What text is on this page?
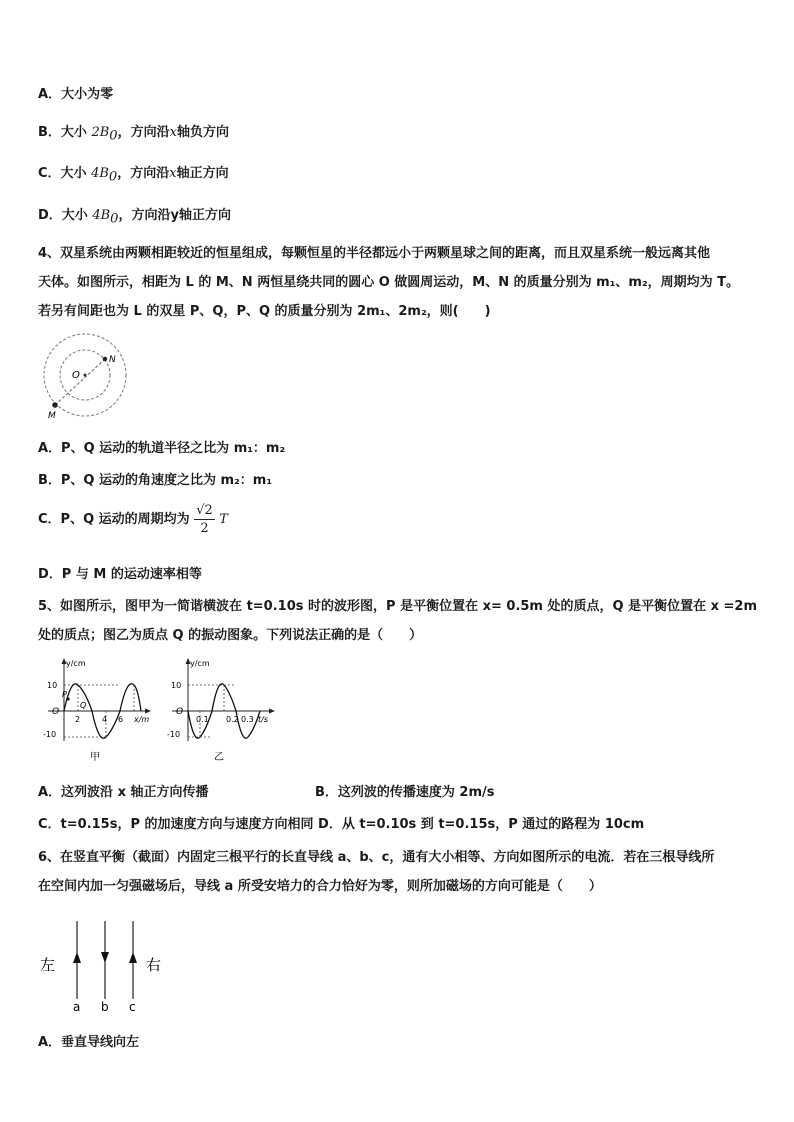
A．大小为零
B．大小 $2B_0$，方向沿x轴负方向
C．大小 $4B_0$，方向沿x轴正方向
D．大小 $4B_0$，方向沿y轴正方向
4、双星系统由两颗相距较近的恒星组成，每颗恒星的半径都远小于两颗星球之间的距离，而且双星系统一般远离其他
天体。如图所示，相距为 L 的 M、N 两恒星绕共同的圆心 O 做圆周运动，M、N 的质量分别为 m₁、m₂，周期均为 T。
若另有间距也为 L 的双星 P、Q，P、Q 的质量分别为 2m₁、2m₂，则(　　)
O
N
M
A．P、Q 运动的轨道半径之比为 m₁：m₂
B．P、Q 运动的角速度之比为 m₂：m₁
C．P、Q 运动的周期均为 $\frac{√2}{2}$ T
D．P 与 M 的运动速率相等
5、如图所示，图甲为一简谐横波在 t=0.10s 时的波形图，P 是平衡位置在 x= 0.5m 处的质点，Q 是平衡位置在 x =2m
处的质点；图乙为质点 Q 的振动图象。下列说法正确的是（　　）
y/cm
x/m
10
-10
O
2	4 6
P
Q
甲
y/cm
t/s
10
-10
O
0.1 0.2 0.3
乙
A．这列波沿 x 轴正方向传播	B．这列波的传播速度为 2m/s
C．t=0.15s，P 的加速度方向与速度方向相同 D．从 t=0.10s 到 t=0.15s，P 通过的路程为 10cm
6、在竖直平衡（截面）内固定三根平行的长直导线 a、b、c，通有大小相等、方向如图所示的电流．若在三根导线所
在空间内加一匀强磁场后，导线 a 所受安培力的合力恰好为零，则所加磁场的方向可能是（　　）
左	右
a b c
A．垂直导线向左
